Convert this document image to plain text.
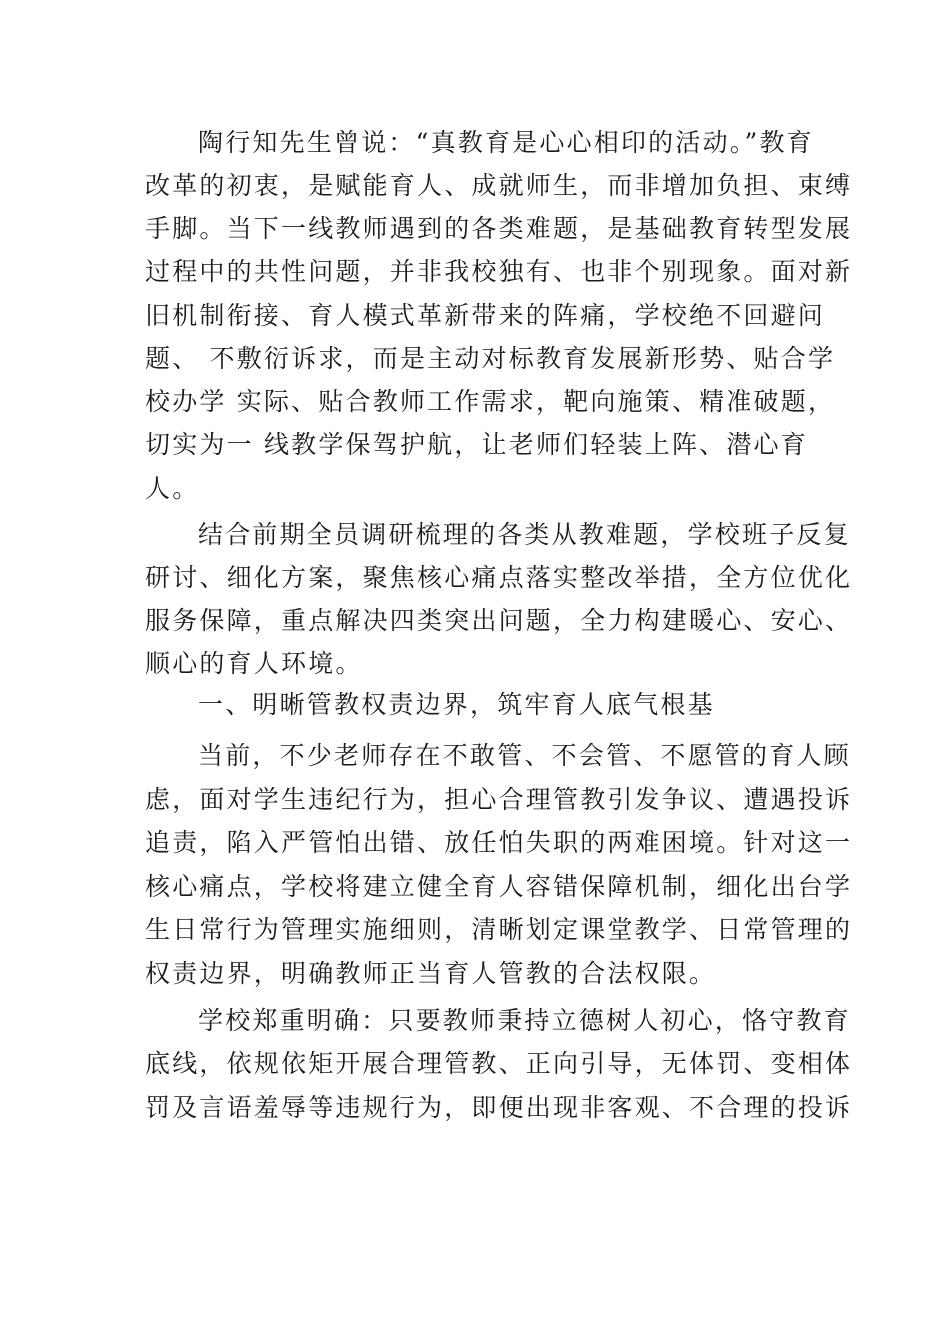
陶行知先生曾说：“真教育是心心相印的活动。”教育
改革的初衷，是赋能育人、成就师生，而非增加负担、束缚
手脚。当下一线教师遇到的各类难题，是基础教育转型发展
过程中的共性问题，并非我校独有、也非个别现象。面对新
旧机制衔接、育人模式革新带来的阵痛，学校绝不回避问
题、 不敷衍诉求，而是主动对标教育发展新形势、贴合学
校办学 实际、贴合教师工作需求，靶向施策、精准破题，
切实为一 线教学保驾护航，让老师们轻装上阵、潜心育
人。
结合前期全员调研梳理的各类从教难题，学校班子反复
研讨、细化方案，聚焦核心痛点落实整改举措，全方位优化
服务保障，重点解决四类突出问题，全力构建暖心、安心、
顺心的育人环境。
一、明晰管教权责边界，筑牢育人底气根基
当前，不少老师存在不敢管、不会管、不愿管的育人顾
虑，面对学生违纪行为，担心合理管教引发争议、遭遇投诉
追责，陷入严管怕出错、放任怕失职的两难困境。针对这一
核心痛点，学校将建立健全育人容错保障机制，细化出台学
生日常行为管理实施细则，清晰划定课堂教学、日常管理的
权责边界，明确教师正当育人管教的合法权限。
学校郑重明确：只要教师秉持立德树人初心，恪守教育
底线，依规依矩开展合理管教、正向引导，无体罚、变相体
罚及言语羞辱等违规行为，即便出现非客观、不合理的投诉
